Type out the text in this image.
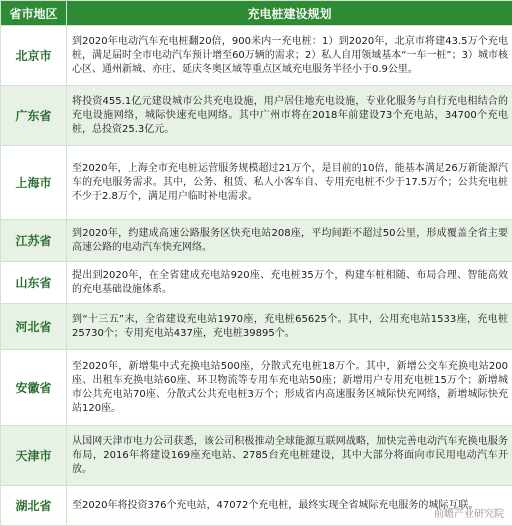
省市地区	充电桩建设规划
北京市	到2020年电动汽车充电桩翻20倍，900米内一充电桩：1）到2020年，北京市将建43.5万个充电桩，满足届时全市电动汽车预计增至60万辆的需求；2）私人自用领域基本“一车一桩”；3）城市核心区、通州新城、亦庄、延庆冬奥区域等重点区域充电服务半径小于0.9公里。
广东省	将投资455.1亿元建设城市公共充电设施，用户居住地充电设施，专业化服务与自行充电相结合的充电设施网络，城际快速充电网络。其中广州市将在2018年前建设73个充电站，34700个充电桩，总投资25.3亿元。
上海市	至2020年，上海全市充电桩运营服务规模超过21万个，是目前的10倍，能基本满足26万新能源汽车的充电服务需求。其中，公务、租赁、私人小客车自、专用充电桩不少于17.5万个；公共充电桩不少于2.8万个，满足用户临时补电需求。
江苏省	到2020年，约建成高速公路服务区快充电站208座，平均间距不超过50公里，形成覆盖全省主要高速公路的电动汽车快充网络。
山东省	提出到2020年，在全省建成充电站920座、充电桩35万个，构建车桩相随、布局合理、智能高效的充电基础设施体系。
河北省	到“十三五”末，全省建设充电站1970座，充电桩65625个。其中，公用充电站1533座，充电桩25730个；专用充电站437座，充电桩39895个。
安徽省	至2020年，新增集中式充换电站500座，分散式充电桩18万个。其中，新增公交车充换电站200座、出租车充换电站60座、环卫物流等专用车充电站50座；新增用户专用充电桩15万个；新增城市公共充电站70座、分散式公共充电桩3万个；形成省内高速服务区城际快充网络，新增城际快充站120座。
天津市	从国网天津市电力公司获悉，该公司积极推动全球能源互联网战略，加快完善电动汽车充换电服务布局，2016年将建设169座充电站、2785台充电桩建设，其中大部分将面向市民用电动汽车开放。
湖北省	至2020年将投资376个充电站，47072个充电桩，最终实现全省城际充电服务的城际互联。
前瞻产业研究院
